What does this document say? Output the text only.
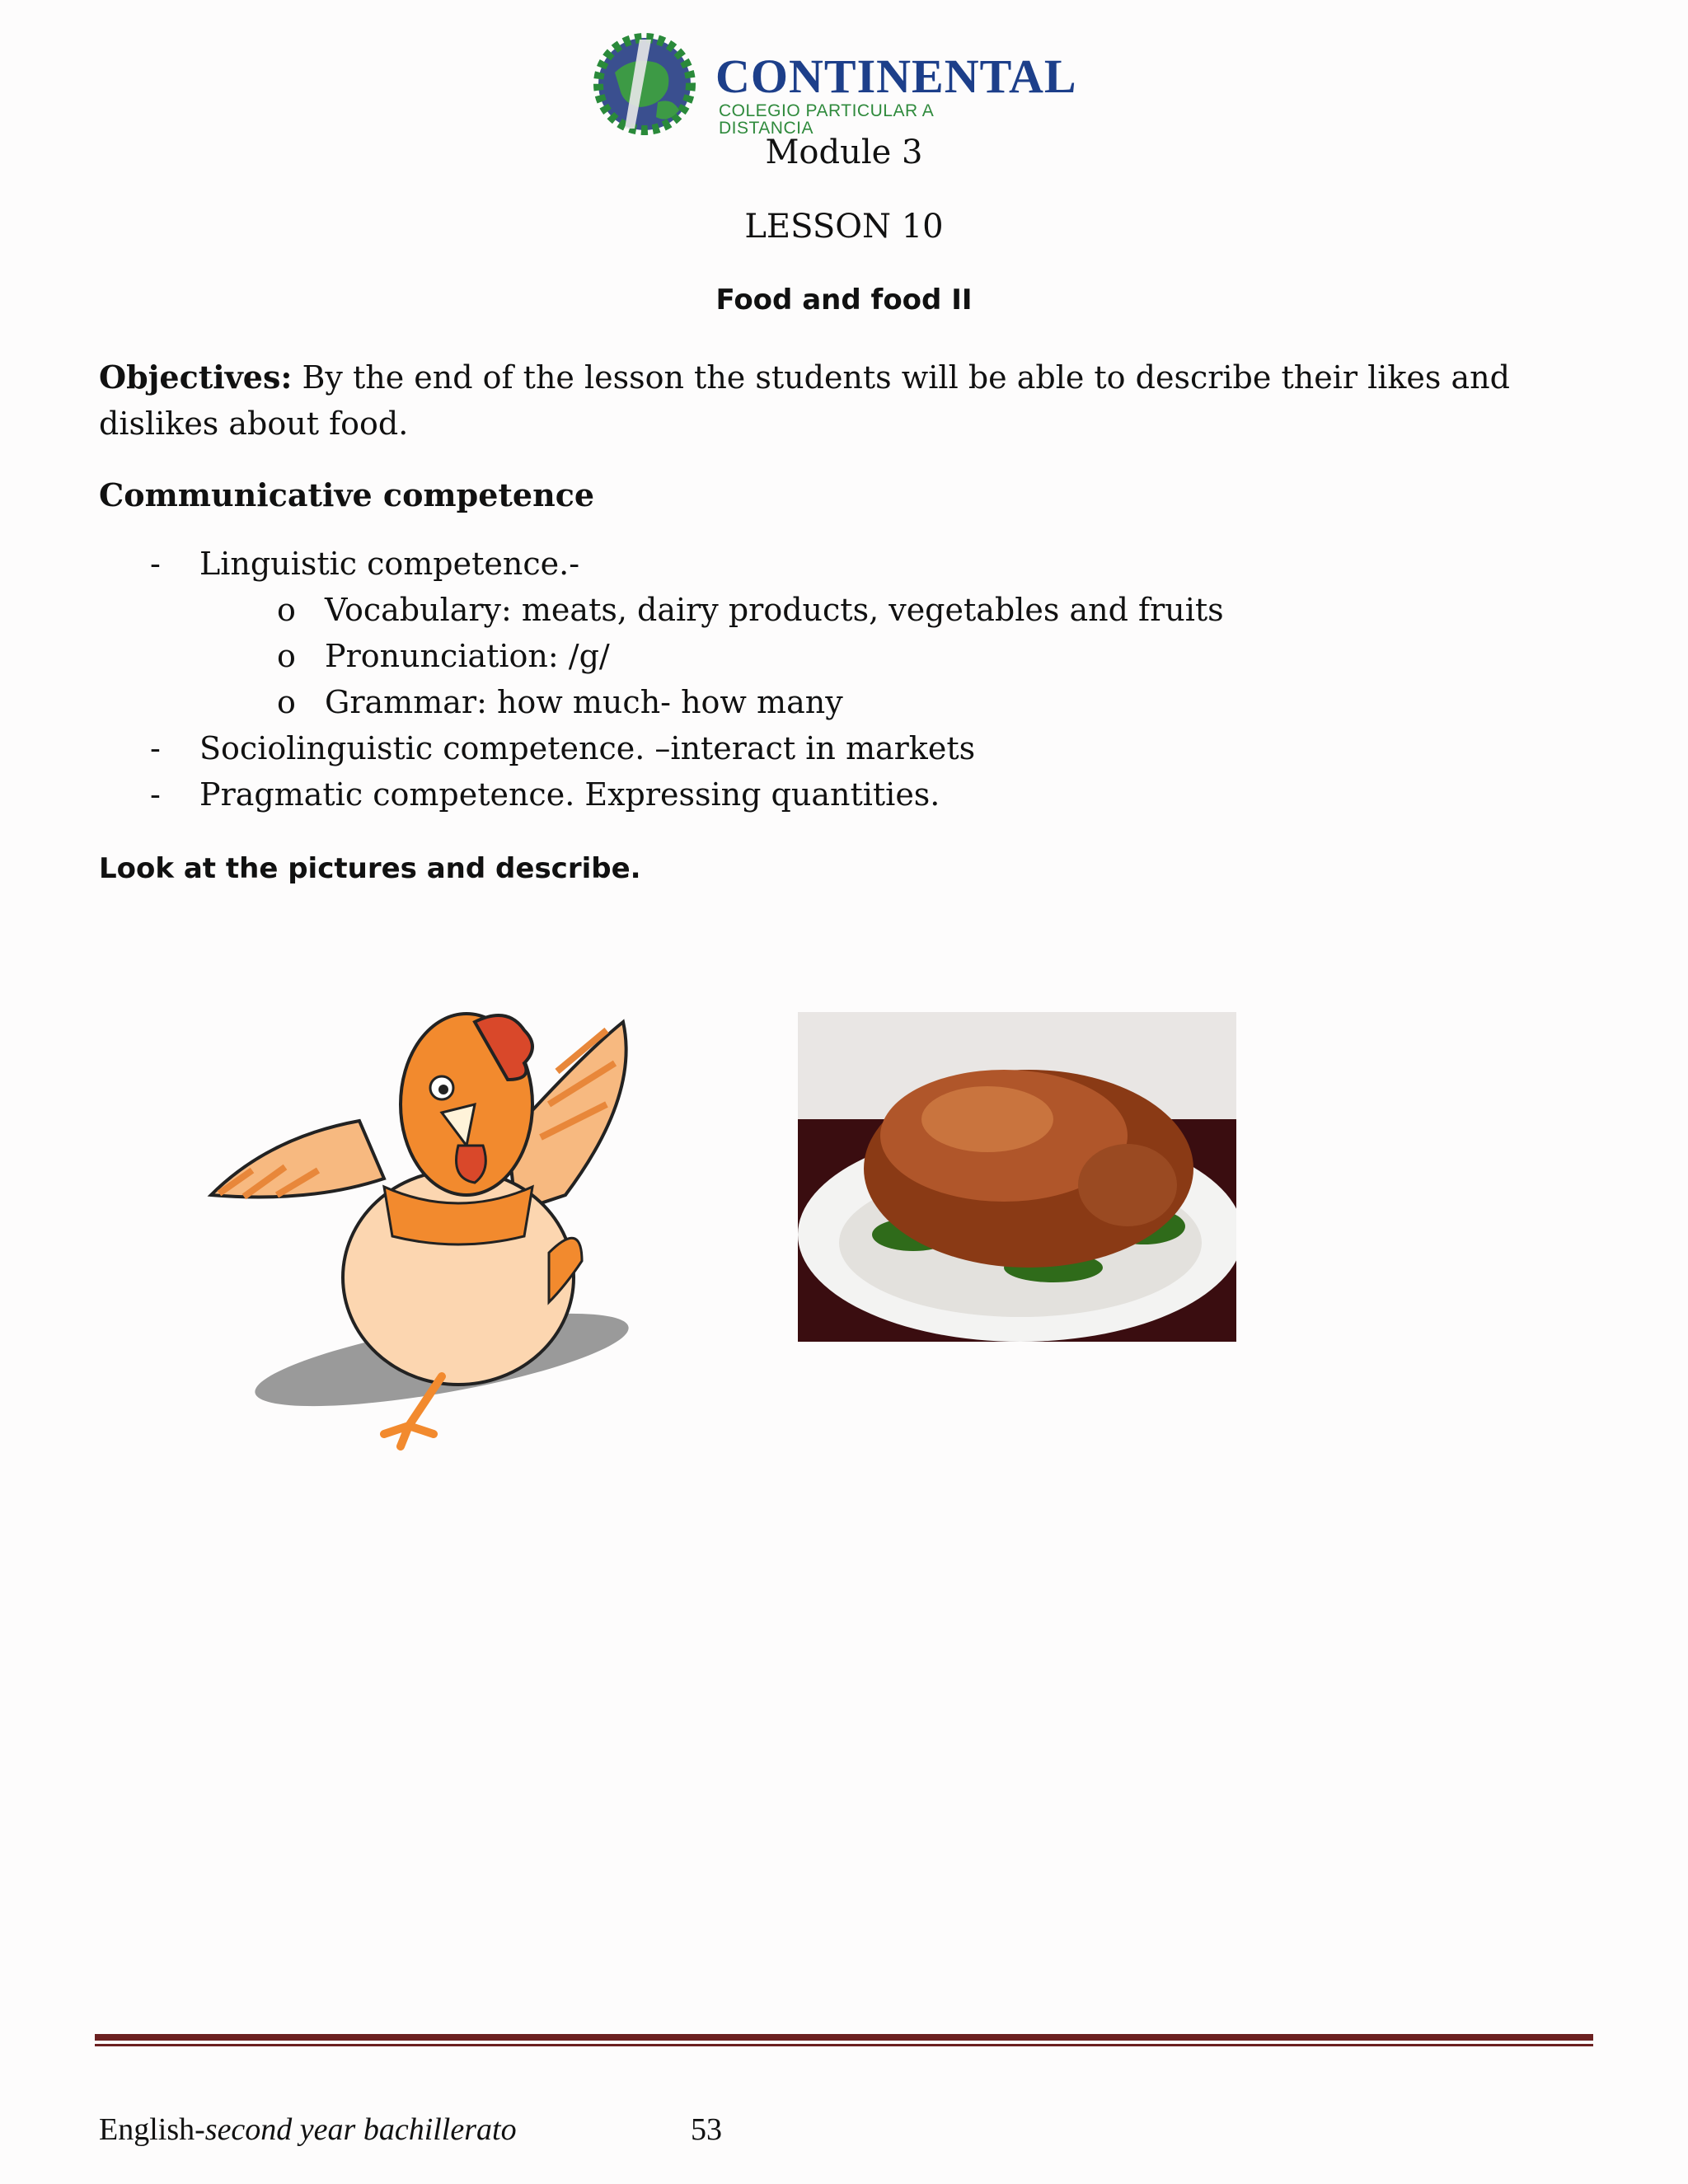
CONTINENTAL
COLEGIO PARTICULAR A DISTANCIA
Module 3
LESSON 10
Food and food II
Objectives: By the end of the lesson the students will be able to describe their likes and dislikes about food.
Communicative competence
- Linguistic competence.-
o Vocabulary: meats, dairy products, vegetables and fruits
o Pronunciation: /g/
o Grammar: how much- how many
- Sociolinguistic competence. –interact in markets
- Pragmatic competence. Expressing quantities.
Look at the pictures and describe.
English-second year bachillerato	53
